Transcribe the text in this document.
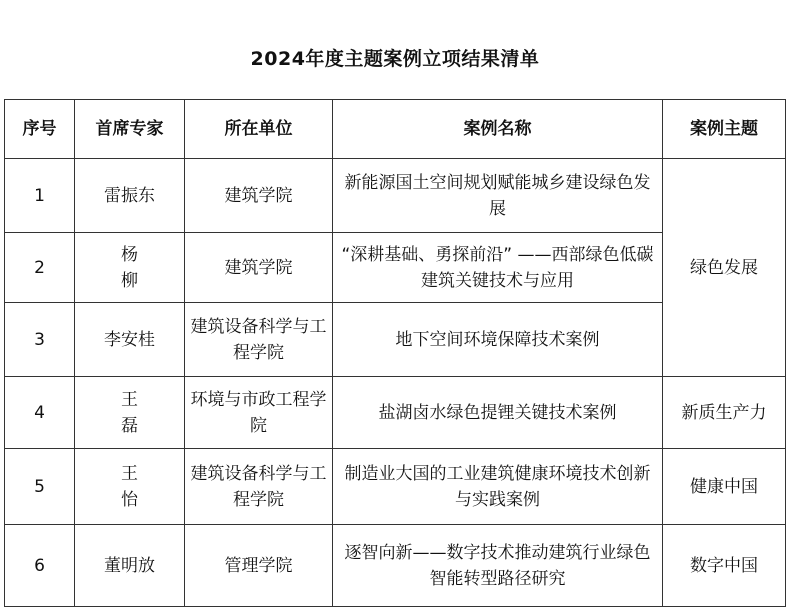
2024年度主题案例立项结果清单
序号	首席专家	所在单位	案例名称	案例主题
1	雷振东	建筑学院	新能源国土空间规划赋能城乡建设绿色发展	绿色发展
2	杨 柳	建筑学院	“深耕基础、勇探前沿” ——西部绿色低碳建筑关键技术与应用	
3	李安桂	建筑设备科学与工程学院	地下空间环境保障技术案例	
4	王 磊	环境与市政工程学院	盐湖卤水绿色提锂关键技术案例	新质生产力
5	王 怡	建筑设备科学与工程学院	制造业大国的工业建筑健康环境技术创新与实践案例	健康中国
6	董明放	管理学院	逐智向新——数字技术推动建筑行业绿色智能转型路径研究	数字中国
